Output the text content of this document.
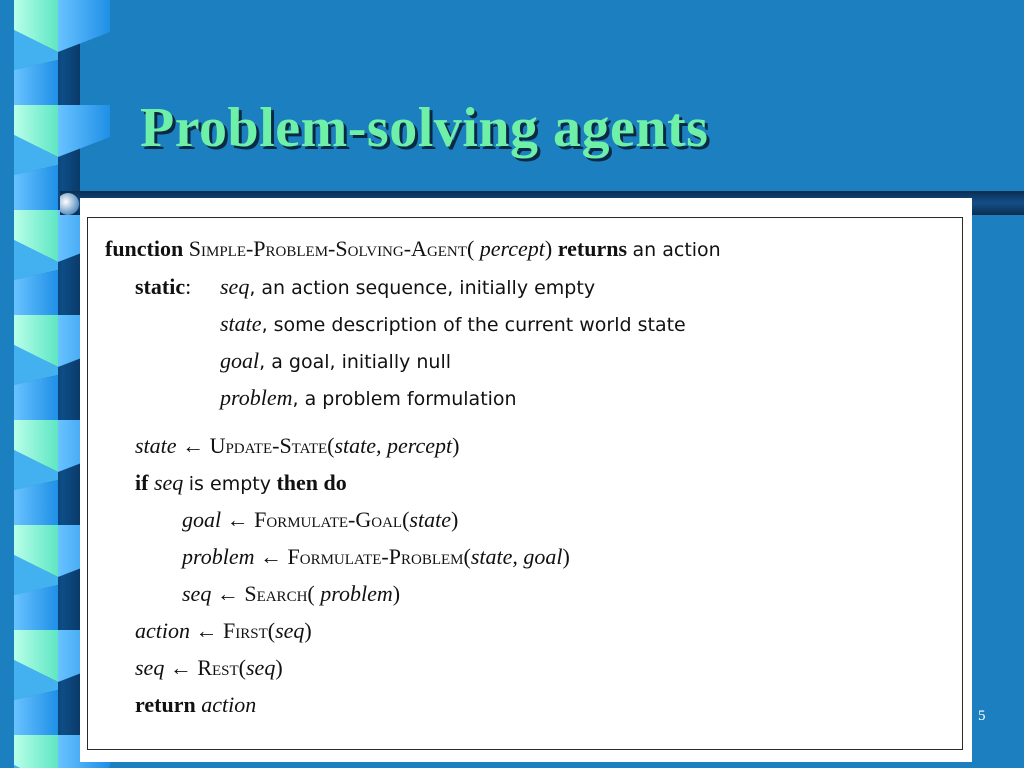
Problem-solving agents
function Simple-Problem-Solving-Agent( percept) returns an action
static: seq, an action sequence, initially empty
state, some description of the current world state
goal, a goal, initially null
problem, a problem formulation
state ← Update-State(state, percept)
if seq is empty then do
goal ← Formulate-Goal(state)
problem ← Formulate-Problem(state, goal)
seq ← Search( problem)
action ← First(seq)
seq ← Rest(seq)
return action	5
